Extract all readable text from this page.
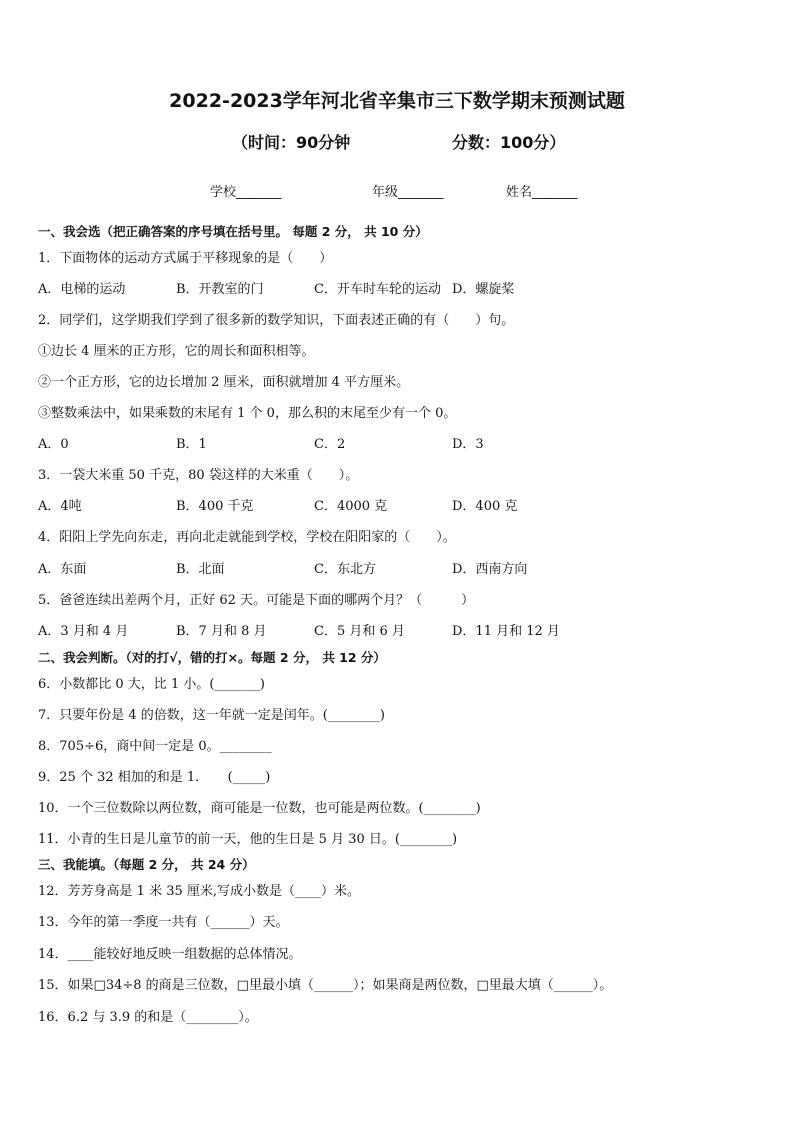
2022-2023学年河北省辛集市三下数学期末预测试题
（时间：90分钟	分数：100分）
学校_______	年级_______	姓名_______
一、我会选（把正确答案的序号填在括号里。 每题 2 分， 共 10 分）
1．下面物体的运动方式属于平移现象的是（　　）
A．电梯的运动	B．开教室的门	C．开车时车轮的运动 D．螺旋桨
2．同学们，这学期我们学到了很多新的数学知识，下面表述正确的有（　　）句。
①边长 4 厘米的正方形，它的周长和面积相等。
②一个正方形，它的边长增加 2 厘米，面积就增加 4 平方厘米。
③整数乘法中，如果乘数的末尾有 1 个 0，那么积的末尾至少有一个 0。
A．0	B．1	C．2	D．3
3．一袋大米重 50 千克，80 袋这样的大米重（　　）。
A．4吨	B．400 千克	C．4000 克	D．400 克
4．阳阳上学先向东走，再向北走就能到学校，学校在阳阳家的（　　）。
A．东面	B．北面	C．东北方	D．西南方向
5．爸爸连续出差两个月，正好 62 天。可能是下面的哪两个月？（　　　）
A．3 月和 4 月	B．7 月和 8 月	C．5 月和 6 月	D．11 月和 12 月
二、我会判断。（对的打√，错的打×。每题 2 分， 共 12 分）
6．小数都比 0 大，比 1 小。(_______)
7．只要年份是 4 的倍数，这一年就一定是闰年。(________)
8．705÷6，商中间一定是 0。________
9．25 个 32 相加的和是 1．　　(_____)
10．一个三位数除以两位数，商可能是一位数，也可能是两位数。(________)
11．小青的生日是儿童节的前一天，他的生日是 5 月 30 日。(________)
三、我能填。（每题 2 分， 共 24 分）
12．芳芳身高是 1 米 35 厘米,写成小数是（____）米。
13．今年的第一季度一共有（______）天。
14．____能较好地反映一组数据的总体情况。
15．如果□34÷8 的商是三位数，□里最小填（______）；如果商是两位数，□里最大填（______）。
16．6.2 与 3.9 的和是（________）。
